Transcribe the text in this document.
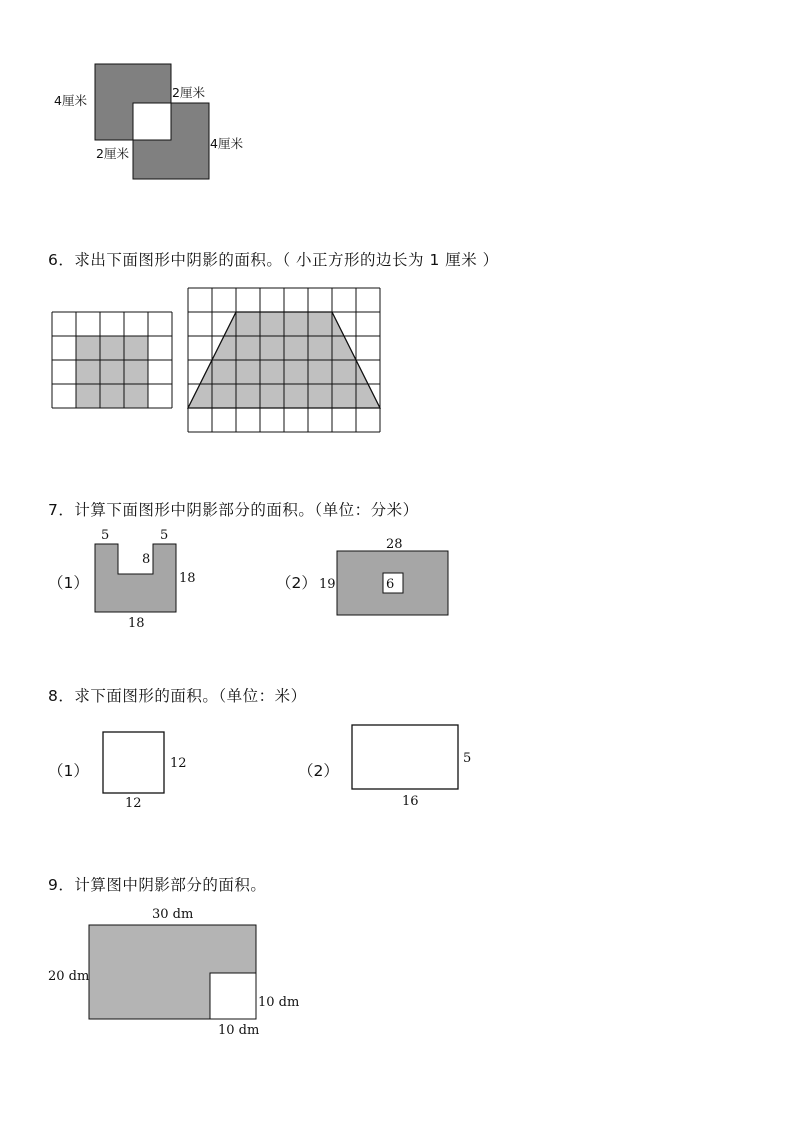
4厘米
2厘米
2厘米
4厘米

6．求出下面图形中阴影的面积。（ 小正方形的边长为 1 厘米 ）

7．计算下面图形中阴影部分的面积。（单位：分米）

（1）	（2）
5	5
8
18
18
28
19	6

8．求下面图形的面积。（单位：米）

（1）	（2）
12
12
5
16

9．计算图中阴影部分的面积。

30 dm
20 dm
10 dm
10 dm
